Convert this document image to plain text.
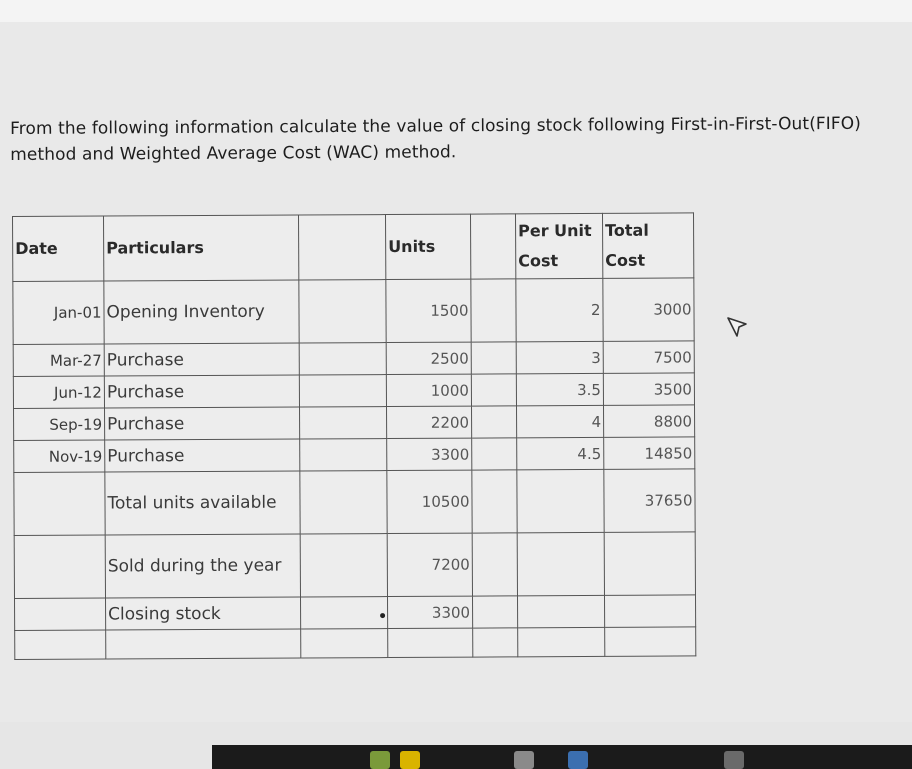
From the following information calculate the value of closing stock following First-in-First-Out(FIFO) method and Weighted Average Cost (WAC) method.

Date	Particulars		Units		Per Unit Cost	Total Cost
Jan-01	Opening Inventory		1500		2	3000
Mar-27	Purchase		2500		3	7500
Jun-12	Purchase		1000		3.5	3500
Sep-19	Purchase		2200		4	8800
Nov-19	Purchase		3300		4.5	14850
	Total units available		10500			37650
	Sold during the year		7200			
	Closing stock		3300			
